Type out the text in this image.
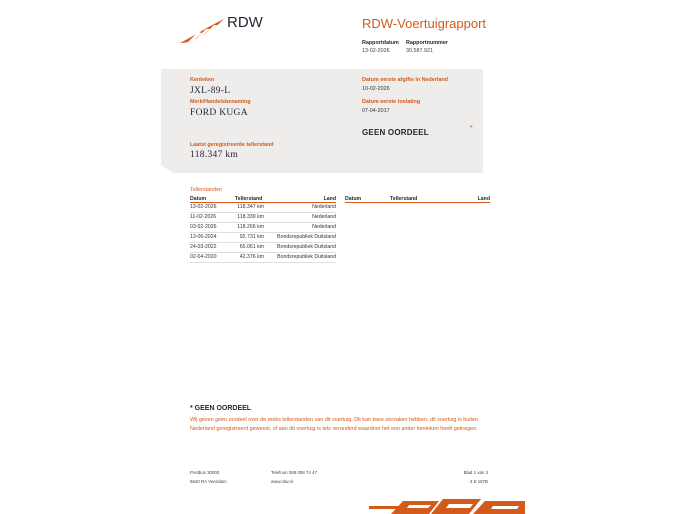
RDW	RDW-Voertuigrapport
Rapportdatum
13-02-2026
Rapportnummer
30.587.921
Kenteken
JXL-89-L
Merk/Handelsbenaming
FORD KUGA
Laatst geregistreerde tellerstand
118.347 km
Datum eerste afgifte in Nederland
10-02-2026
Datum eerste toelating
07-04-2017
GEEN OORDEEL	*
Tellerstanden
Datum	Tellerstand	Land
13-02-2026	118.347 km	Nederland
11-02-2026	118.339 km	Nederland
03-02-2026	118.266 km	Nederland
13-06-2024	92.731 km	Bondsrepubliek Duitsland
24-03-2022	65.061 km	Bondsrepubliek Duitsland
02-04-2020	42.376 km	Bondsrepubliek Duitsland
Datum	Tellerstand	Land
* GEEN OORDEEL
Wij geven geen oordeel over de reeks tellerstanden van dit voertuig. Dit kan twee oorzaken hebben: dit voertuig is buiten Nederland geregistreerd geweest, of aan dit voertuig is iets veranderd waardoor het een ander kenteken heeft gekregen.
Postbus 30000
9640 RA Veendam
Telefoon 088 008 74 47
www.rdw.nl
Blad 1 van 3
3 E 197B
